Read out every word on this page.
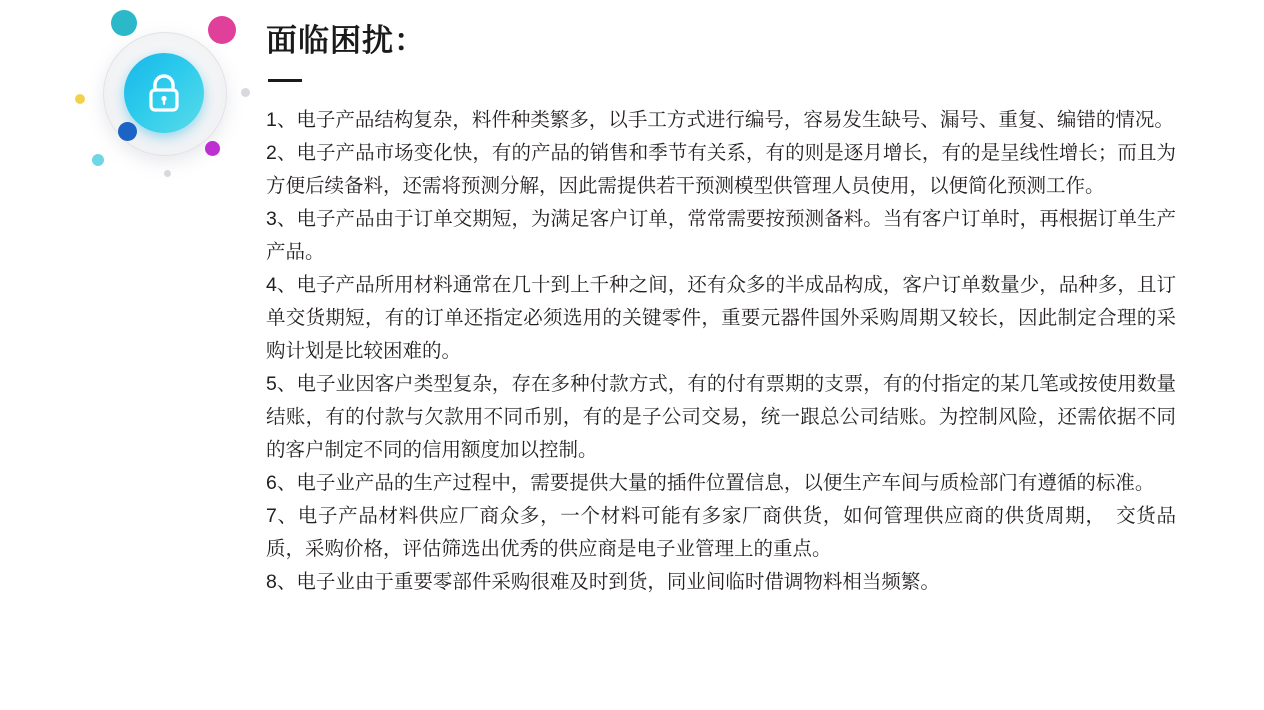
面临困扰：
1、电子产品结构复杂，料件种类繁多，以手工方式进行编号，容易发生缺号、漏号、重复、编错的情况。
2、电子产品市场变化快，有的产品的销售和季节有关系，有的则是逐月增长，有的是呈线性增长；而且为方便后续备料，还需将预测分解，因此需提供若干预测模型供管理人员使用，以便简化预测工作。
3、电子产品由于订单交期短，为满足客户订单，常常需要按预测备料。当有客户订单时，再根据订单生产产品。
4、电子产品所用材料通常在几十到上千种之间，还有众多的半成品构成，客户订单数量少，品种多，且订单交货期短，有的订单还指定必须选用的关键零件，重要元器件国外采购周期又较长，因此制定合理的采购计划是比较困难的。
5、电子业因客户类型复杂，存在多种付款方式，有的付有票期的支票，有的付指定的某几笔或按使用数量结账，有的付款与欠款用不同币别，有的是子公司交易，统一跟总公司结账。为控制风险，还需依据不同的客户制定不同的信用额度加以控制。
6、电子业产品的生产过程中，需要提供大量的插件位置信息，以便生产车间与质检部门有遵循的标准。
7、电子产品材料供应厂商众多，一个材料可能有多家厂商供货，如何管理供应商的供货周期，　交货品质，采购价格，评估筛选出优秀的供应商是电子业管理上的重点。
8、电子业由于重要零部件采购很难及时到货，同业间临时借调物料相当频繁。
